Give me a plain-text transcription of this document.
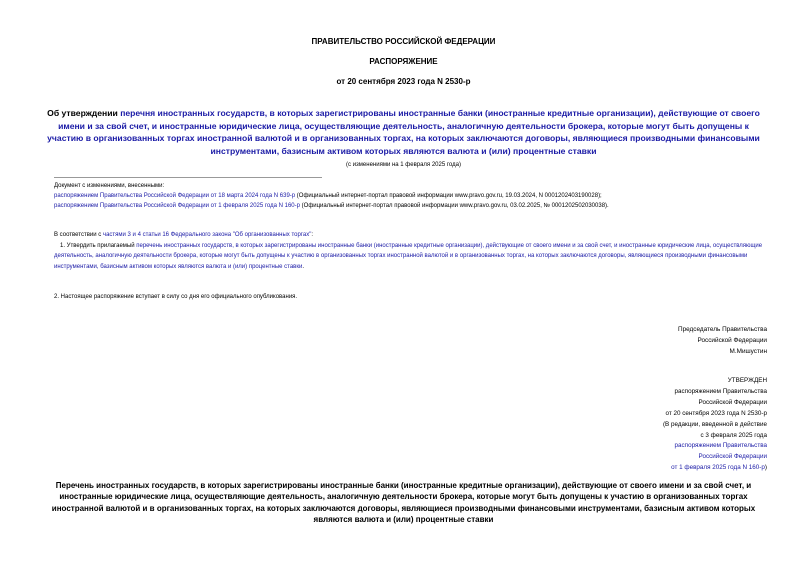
ПРАВИТЕЛЬСТВО РОССИЙСКОЙ ФЕДЕРАЦИИ
РАСПОРЯЖЕНИЕ
от 20 сентября 2023 года N 2530-р
Об утверждении перечня иностранных государств, в которых зарегистрированы иностранные банки (иностранные кредитные организации), действующие от своего имени и за свой счет, и иностранные юридические лица, осуществляющие деятельность, аналогичную деятельности брокера, которые могут быть допущены к участию в организованных торгах иностранной валютой и в организованных торгах, на которых заключаются договоры, являющиеся производными финансовыми инструментами, базисным активом которых являются валюта и (или) процентные ставки
(с изменениями на 1 февраля 2025 года)
Документ с изменениями, внесенными:
распоряжением Правительства Российской Федерации от 18 марта 2024 года N 639-р (Официальный интернет-портал правовой информации www.pravo.gov.ru, 19.03.2024, N 0001202403190028);
распоряжением Правительства Российской Федерации от 1 февраля 2025 года N 160-р (Официальный интернет-портал правовой информации www.pravo.gov.ru, 03.02.2025, № 0001202502030038).
В соответствии с частями 3 и 4 статьи 16 Федерального закона "Об организованных торгах":
1. Утвердить прилагаемый перечень иностранных государств, в которых зарегистрированы иностранные банки (иностранные кредитные организации), действующие от своего имени и за свой счет, и иностранные юридические лица, осуществляющие деятельность, аналогичную деятельности брокера, которые могут быть допущены к участию в организованных торгах иностранной валютой и в организованных торгах, на которых заключаются договоры, являющиеся производными финансовыми инструментами, базисным активом которых являются валюта и (или) процентные ставки.
2. Настоящее распоряжение вступает в силу со дня его официального опубликования.
Председатель Правительства
Российской Федерации
М.Мишустин
УТВЕРЖДЕН
распоряжением Правительства
Российской Федерации
от 20 сентября 2023 года N 2530-р
(В редакции, введенной в действие
с 3 февраля 2025 года
распоряжением Правительства
Российской Федерации
от 1 февраля 2025 года N 160-р)
Перечень иностранных государств, в которых зарегистрированы иностранные банки (иностранные кредитные организации), действующие от своего имени и за свой счет, и иностранные юридические лица, осуществляющие деятельность, аналогичную деятельности брокера, которые могут быть допущены к участию в организованных торгах иностранной валютой и в организованных торгах, на которых заключаются договоры, являющиеся производными финансовыми инструментами, базисным активом которых являются валюта и (или) процентные ставки
